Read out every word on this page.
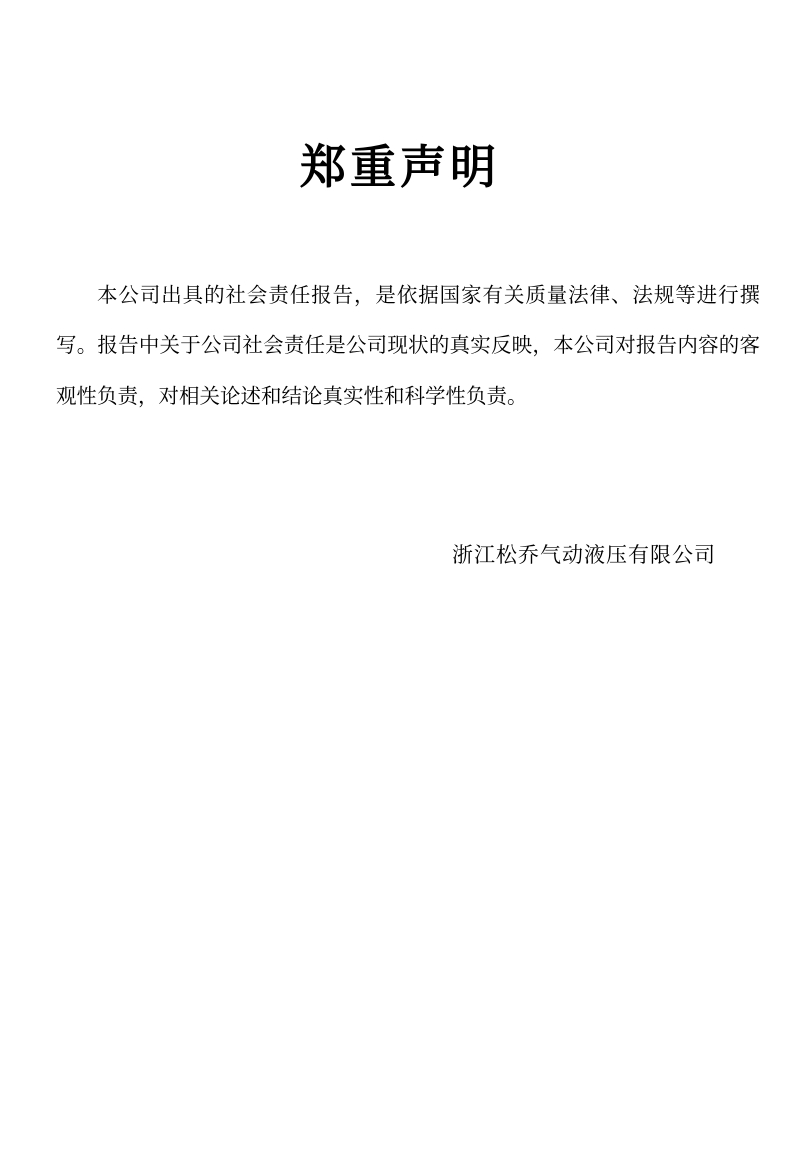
郑重声明

本公司出具的社会责任报告，是依据国家有关质量法律、法规等进行撰写。报告中关于公司社会责任是公司现状的真实反映，本公司对报告内容的客观性负责，对相关论述和结论真实性和科学性负责。

浙江松乔气动液压有限公司
